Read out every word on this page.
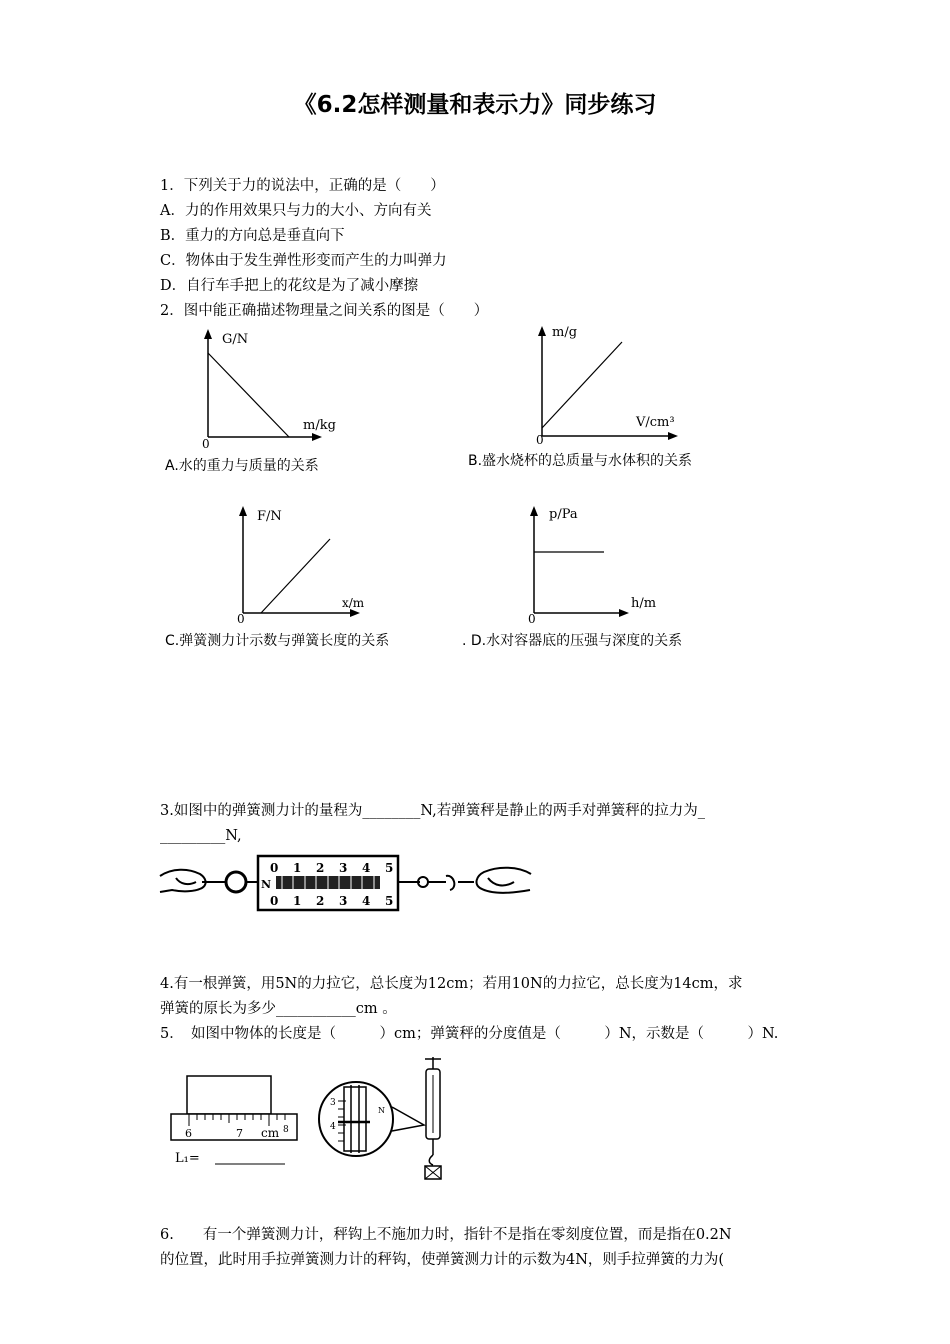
《6.2怎样测量和表示力》同步练习
1．下列关于力的说法中，正确的是（　　）
A．力的作用效果只与力的大小、方向有关
B．重力的方向总是垂直向下
C．物体由于发生弹性形变而产生的力叫弹力
D．自行车手把上的花纹是为了减小摩擦
2．图中能正确描述物理量之间关系的图是（　　）
G/N
m/kg
0
A.水的重力与质量的关系
m/g
V/cm³
0
B.盛水烧杯的总质量与水体积的关系
F/N
x/m
0
C.弹簧测力计示数与弹簧长度的关系
p/Pa
h/m
0
. D.水对容器底的压强与深度的关系
3.如图中的弹簧测力计的量程为________N,若弹簧秤是静止的两手对弹簧秤的拉力为_
_________N,
N
0 1 2 3 4 5
0 1 2 3 4 5
4.有一根弹簧，用5N的力拉它，总长度为12cm；若用10N的力拉它，总长度为14cm，求
弹簧的原长为多少___________cm 。
5．　如图中物体的长度是（　　　）cm；弹簧秤的分度值是（　　　）N，示数是（　　　）N.
6	7 cm 8
L₁=
3
4
N
6.　　有一个弹簧测力计，秤钩上不施加力时，指针不是指在零刻度位置，而是指在0.2N
的位置，此时用手拉弹簧测力计的秤钩，使弹簧测力计的示数为4N，则手拉弹簧的力为(
